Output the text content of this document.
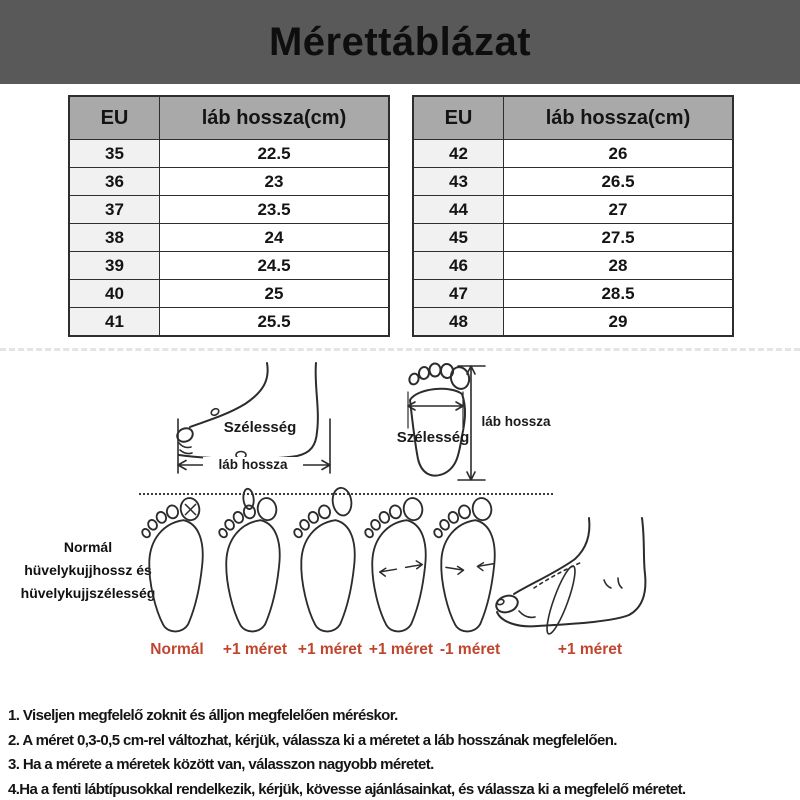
Mérettáblázat
EU	láb hossza(cm)
35	22.5
36	23
37	23.5
38	24
39	24.5
40	25
41	25.5
EU	láb hossza(cm)
42	26
43	26.5
44	27
45	27.5
46	28
47	28.5
48	29
Szélesség
láb hossza
Szélesség
láb hossza
Normál
hüvelykujjhossz és
hüvelykujjszélesség
Normál	+1 méret +1 méret +1 méret -1 méret	+1 méret
1. Viseljen megfelelő zoknit és álljon megfelelően méréskor.
2. A méret 0,3-0,5 cm-rel változhat, kérjük, válassza ki a méretet a láb hosszának megfelelően.
3. Ha a mérete a méretek között van, válasszon nagyobb méretet.
4.Ha a fenti lábtípusokkal rendelkezik, kérjük, kövesse ajánlásainkat, és válassza ki a megfelelő méretet.
